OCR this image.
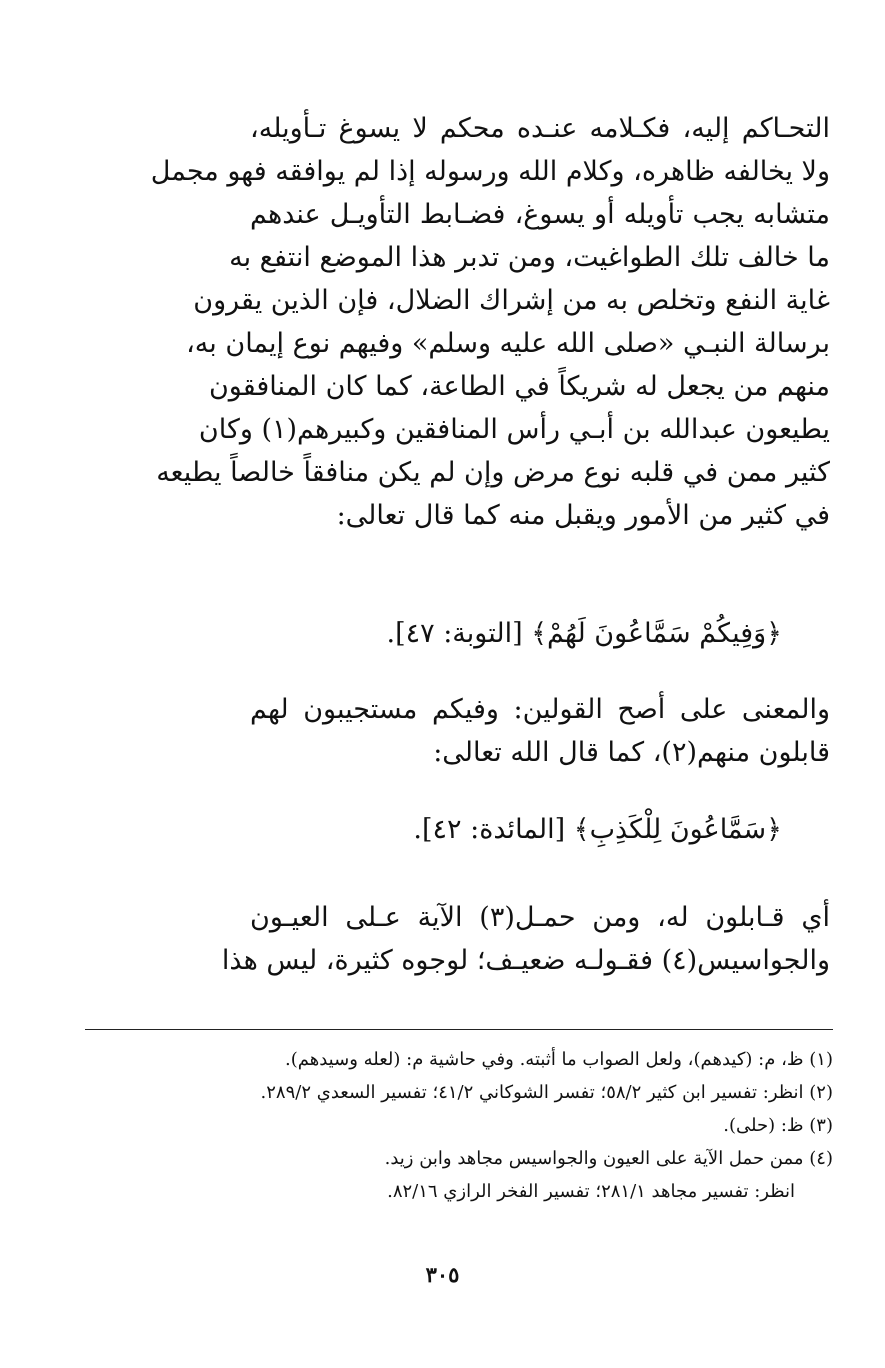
التحـاكم إليه، فكـلامه عنـده محكم لا يسوغ تـأويله،
ولا يخالفه ظاهره، وكلام الله ورسوله إذا لم يوافقه فهو مجمل
متشابه يجب تأويله أو يسوغ، فضـابط التأويـل عندهم
ما خالف تلك الطواغيت، ومن تدبر هذا الموضع انتفع به
غاية النفع وتخلص به من إشراك الضلال، فإن الذين يقرون
برسالة النبـي «صلى الله عليه وسلم» وفيهم نوع إيمان به،
منهم من يجعل له شريكاً في الطاعة، كما كان المنافقون
يطيعون عبدالله بن أبـي رأس المنافقين وكبيرهم(١) وكان
كثير ممن في قلبه نوع مرض وإن لم يكن منافقاً خالصاً يطيعه
في كثير من الأمور ويقبل منه كما قال تعالى:
﴿وَفِيكُمْ سَمَّاعُونَ لَهُمْ﴾ [التوبة: ٤٧].
والمعنى على أصح القولين: وفيكم مستجيبون لهم
قابلون منهم(٢)، كما قال الله تعالى:
﴿سَمَّاعُونَ لِلْكَذِبِ﴾ [المائدة: ٤٢].
أي قـابلون له، ومن حمـل(٣) الآية عـلى العيـون
والجواسيس(٤) فقـولـه ضعيـف؛ لوجوه كثيرة، ليس هذا
(١) ظ، م: (كيدهم)، ولعل الصواب ما أثبته. وفي حاشية م: (لعله وسيدهم).
(٢) انظر: تفسير ابن كثير ٥٨/٢؛ تفسر الشوكاني ٤١/٢؛ تفسير السعدي ٢٨٩/٢.
(٣) ظ: (حلى).
(٤) ممن حمل الآية على العيون والجواسيس مجاهد وابن زيد.
انظر: تفسير مجاهد ٢٨١/١؛ تفسير الفخر الرازي ٨٢/١٦.
٣٠٥
